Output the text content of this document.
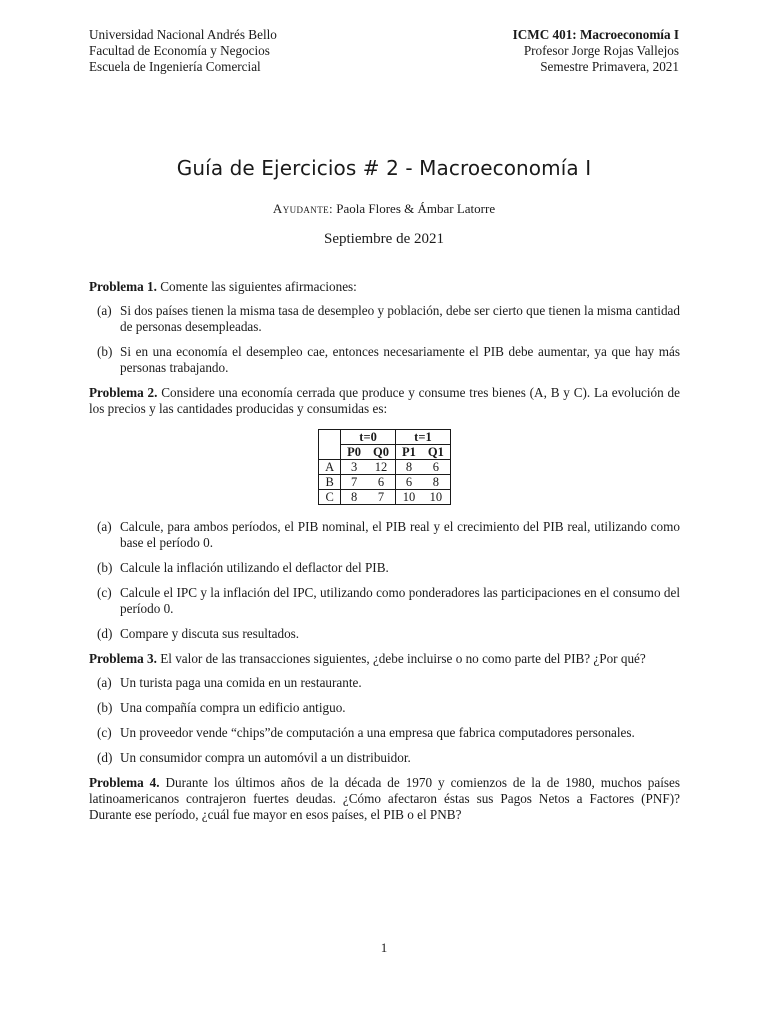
Universidad Nacional Andrés Bello
Facultad de Economía y Negocios
Escuela de Ingeniería Comercial
ICMC 401: Macroeconomía I
Profesor Jorge Rojas Vallejos
Semestre Primavera, 2021
Guía de Ejercicios # 2 - Macroeconomía I
Ayudante: Paola Flores & Ámbar Latorre
Septiembre de 2021
Problema 1. Comente las siguientes afirmaciones:
(a) Si dos países tienen la misma tasa de desempleo y población, debe ser cierto que tienen la misma cantidad de personas desempleadas.
(b) Si en una economía el desempleo cae, entonces necesariamente el PIB debe aumentar, ya que hay más personas trabajando.
Problema 2. Considere una economía cerrada que produce y consume tres bienes (A, B y C). La evolución de los precios y las cantidades producidas y consumidas es:
	t=0		t=1	
	P0	Q0	P1	Q1
A	3	12	8	6
B	7	6	6	8
C	8	7	10	10
(a) Calcule, para ambos períodos, el PIB nominal, el PIB real y el crecimiento del PIB real, utilizando como base el período 0.
(b) Calcule la inflación utilizando el deflactor del PIB.
(c) Calcule el IPC y la inflación del IPC, utilizando como ponderadores las participaciones en el consumo del período 0.
(d) Compare y discuta sus resultados.
Problema 3. El valor de las transacciones siguientes, ¿debe incluirse o no como parte del PIB? ¿Por qué?
(a) Un turista paga una comida en un restaurante.
(b) Una compañía compra un edificio antiguo.
(c) Un proveedor vende “chips”de computación a una empresa que fabrica computadores personales.
(d) Un consumidor compra un automóvil a un distribuidor.
Problema 4. Durante los últimos años de la década de 1970 y comienzos de la de 1980, muchos países latinoamericanos contrajeron fuertes deudas. ¿Cómo afectaron éstas sus Pagos Netos a Factores (PNF)? Durante ese período, ¿cuál fue mayor en esos países, el PIB o el PNB?
1
